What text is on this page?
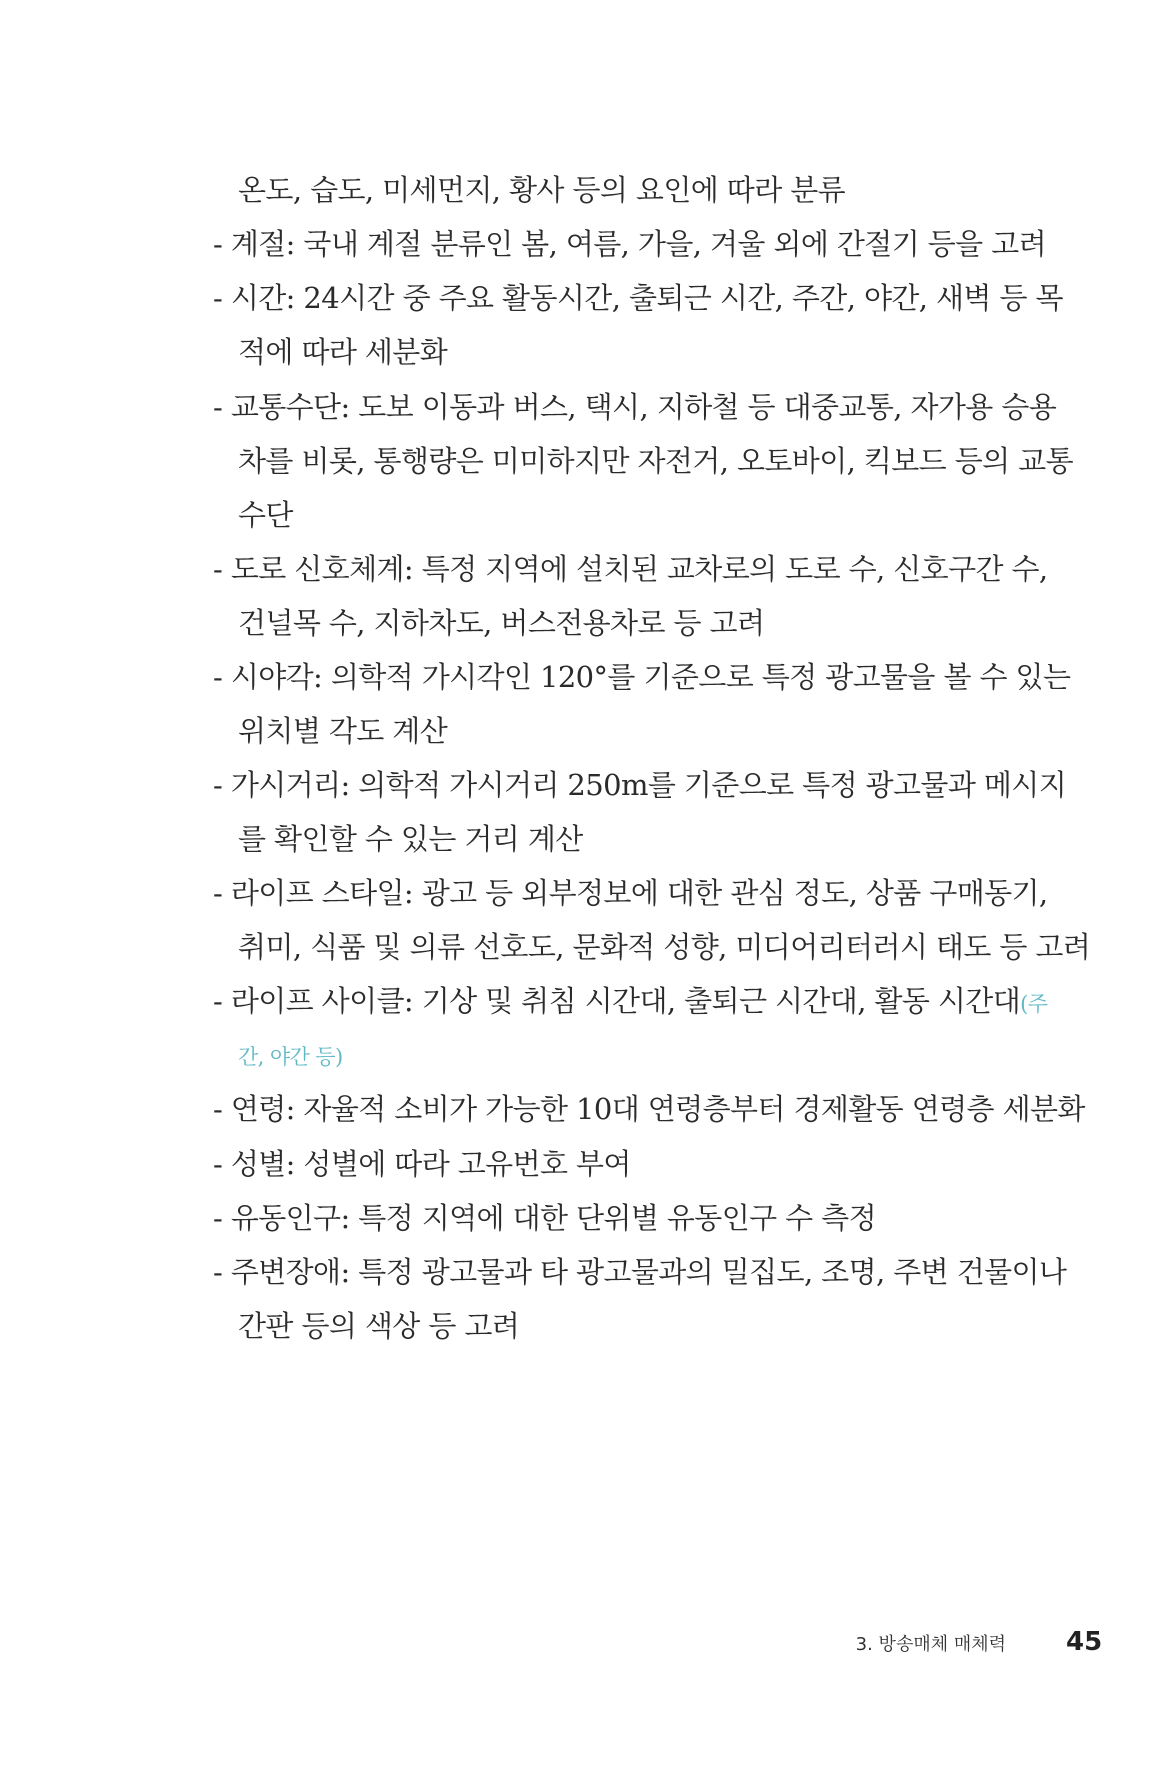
온도, 습도, 미세먼지, 황사 등의 요인에 따라 분류
- 계절: 국내 계절 분류인 봄, 여름, 가을, 겨울 외에 간절기 등을 고려
- 시간: 24시간 중 주요 활동시간, 출퇴근 시간, 주간, 야간, 새벽 등 목
적에 따라 세분화
- 교통수단: 도보 이동과 버스, 택시, 지하철 등 대중교통, 자가용 승용
차를 비롯, 통행량은 미미하지만 자전거, 오토바이, 킥보드 등의 교통
수단
- 도로 신호체계: 특정 지역에 설치된 교차로의 도로 수, 신호구간 수,
건널목 수, 지하차도, 버스전용차로 등 고려
- 시야각: 의학적 가시각인 120°를 기준으로 특정 광고물을 볼 수 있는
위치별 각도 계산
- 가시거리: 의학적 가시거리 250m를 기준으로 특정 광고물과 메시지
를 확인할 수 있는 거리 계산
- 라이프 스타일: 광고 등 외부정보에 대한 관심 정도, 상품 구매동기,
취미, 식품 및 의류 선호도, 문화적 성향, 미디어리터러시 태도 등 고려
- 라이프 사이클: 기상 및 취침 시간대, 출퇴근 시간대, 활동 시간대(주
간, 야간 등)
- 연령: 자율적 소비가 가능한 10대 연령층부터 경제활동 연령층 세분화
- 성별: 성별에 따라 고유번호 부여
- 유동인구: 특정 지역에 대한 단위별 유동인구 수 측정
- 주변장애: 특정 광고물과 타 광고물과의 밀집도, 조명, 주변 건물이나
간판 등의 색상 등 고려
3. 방송매체 매체력 45
